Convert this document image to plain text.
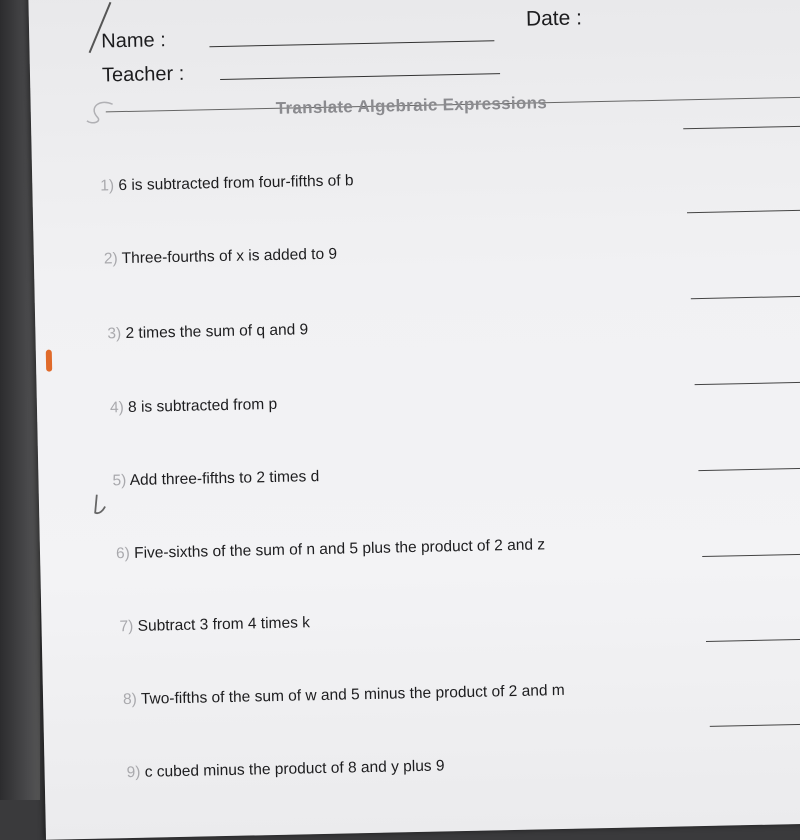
Name :
Date :
Teacher :
Translate Algebraic Expressions
1) 6 is subtracted from four-fifths of b
2) Three-fourths of x is added to 9
3) 2 times the sum of q and 9
4) 8 is subtracted from p
5) Add three-fifths to 2 times d
6) Five-sixths of the sum of n and 5 plus the product of 2 and z
7) Subtract 3 from 4 times k
8) Two-fifths of the sum of w and 5 minus the product of 2 and m
9) c cubed minus the product of 8 and y plus 9
